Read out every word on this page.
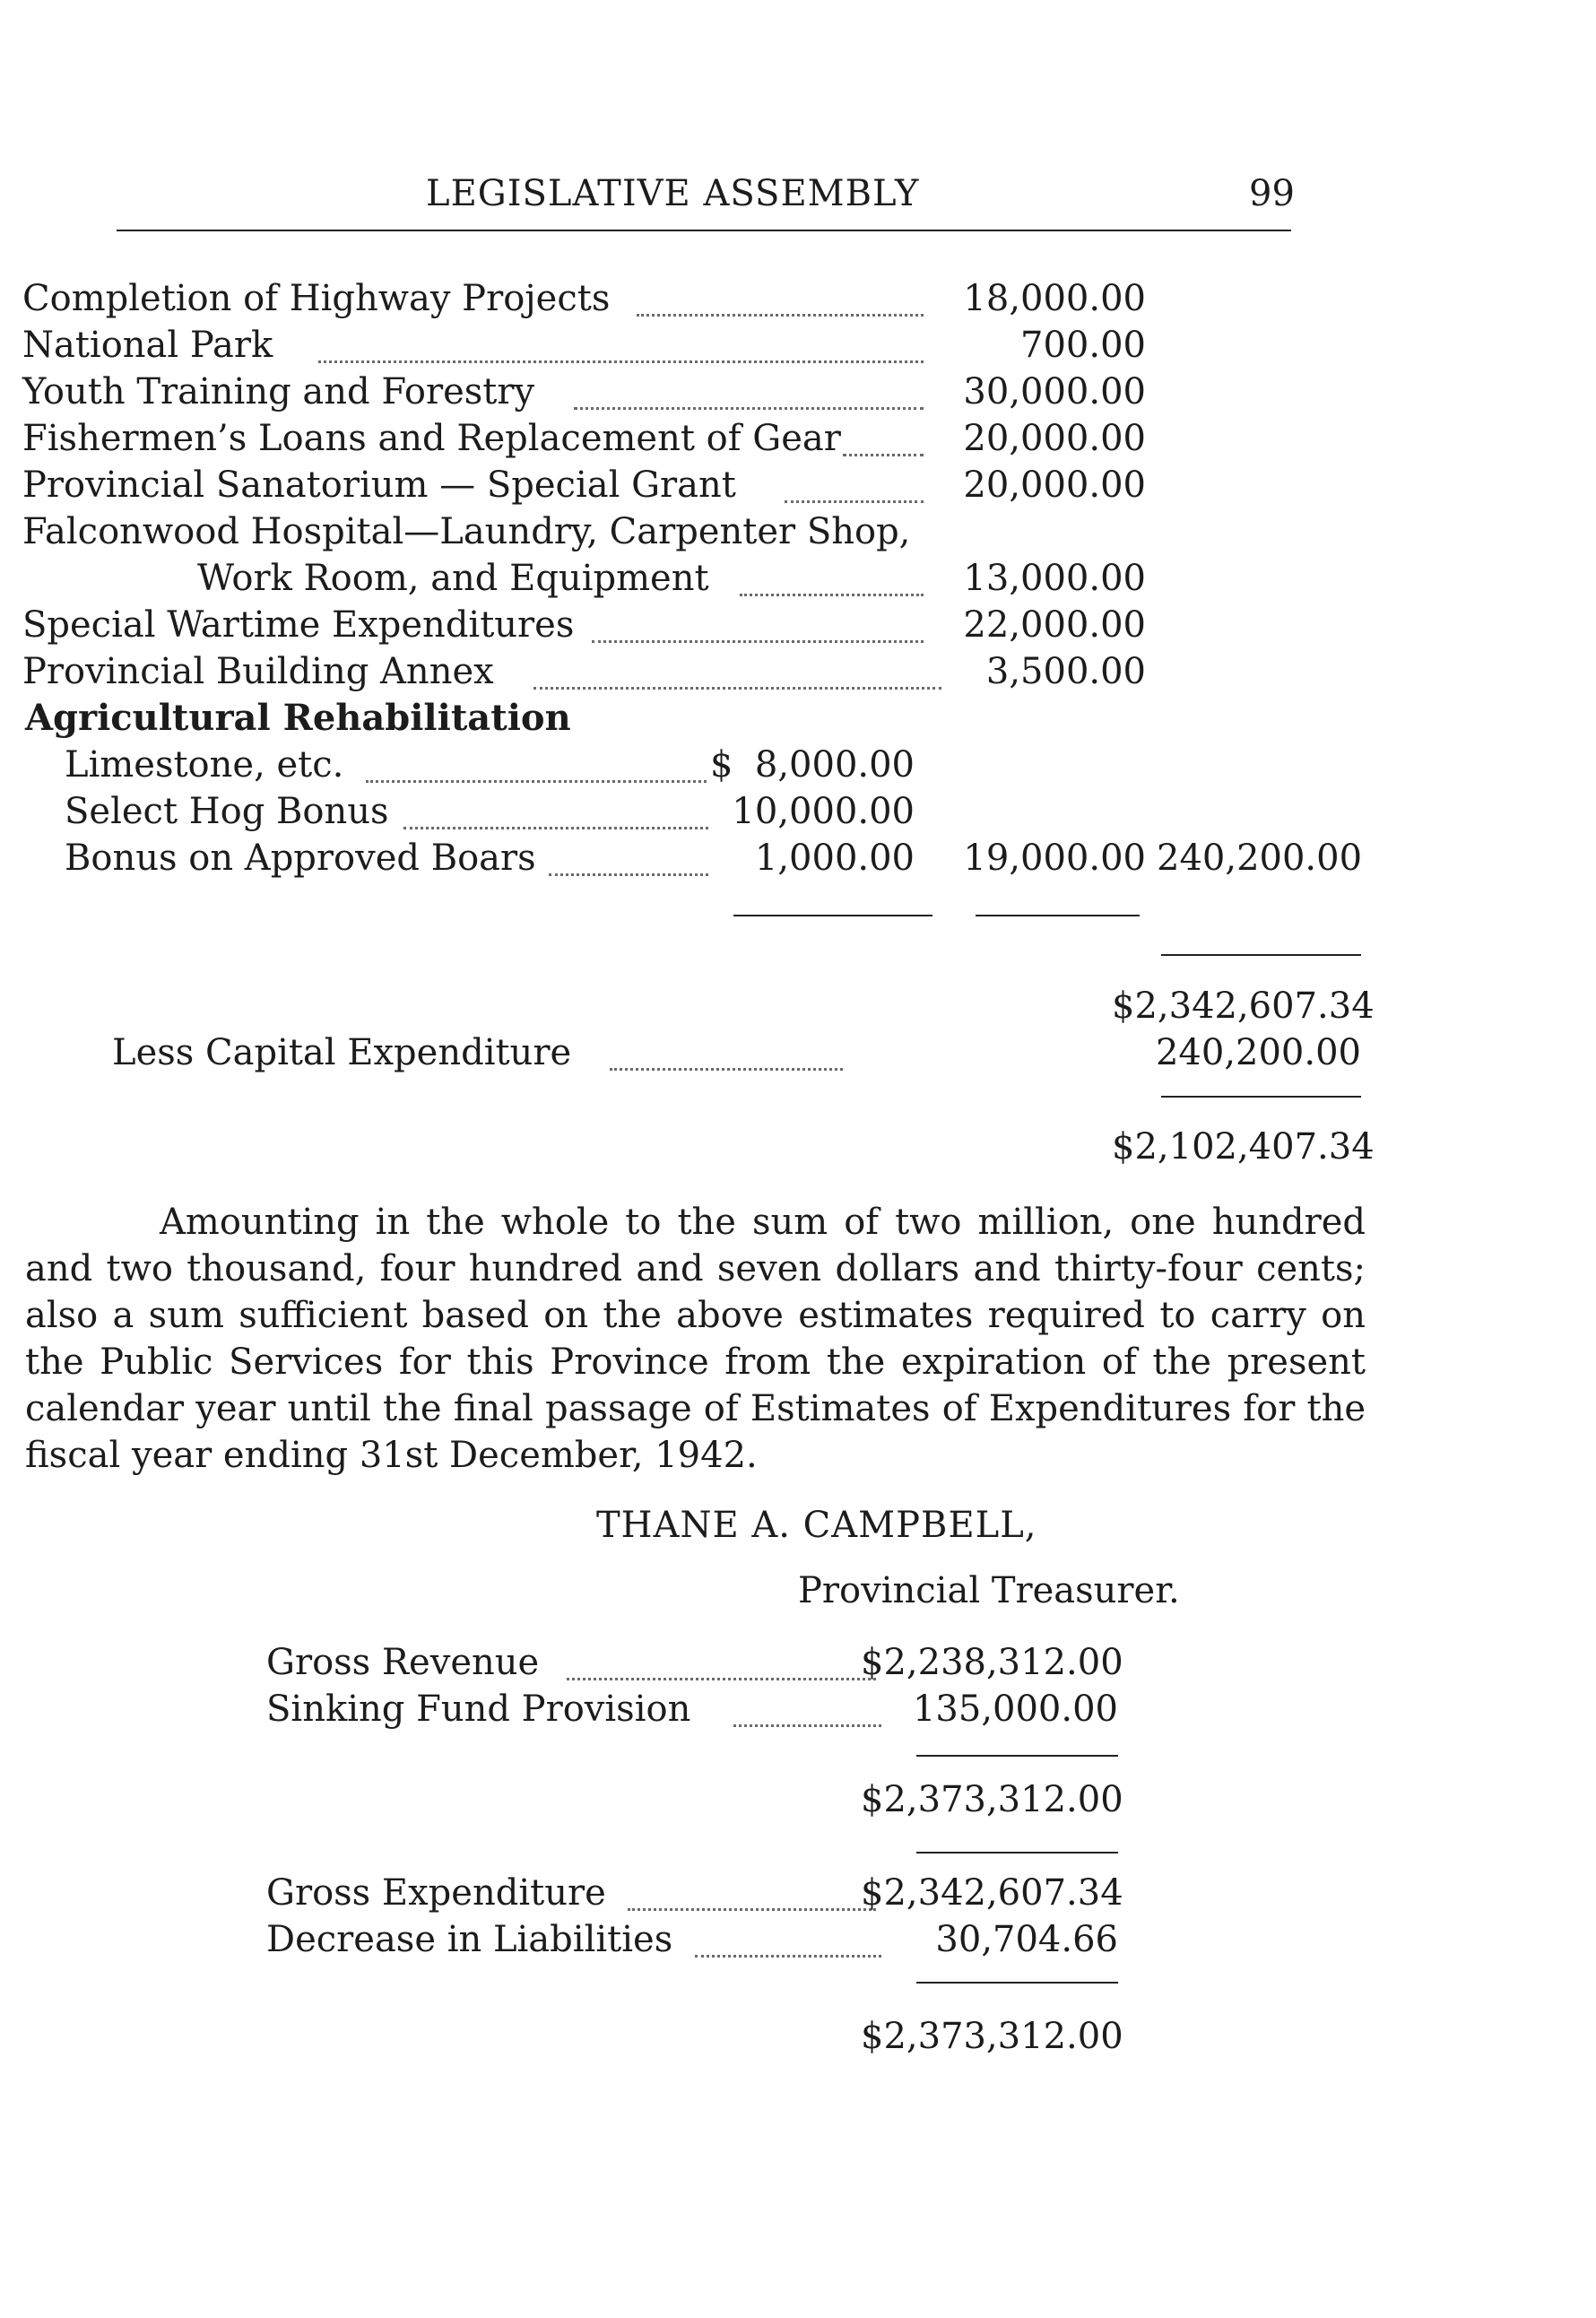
LEGISLATIVE ASSEMBLY	99
Completion of Highway Projects	18,000.00
National Park	700.00
Youth Training and Forestry	30,000.00
Fishermen’s Loans and Replacement of Gear	20,000.00
Provincial Sanatorium — Special Grant	20,000.00
Falconwood Hospital—Laundry, Carpenter Shop,
Work Room, and Equipment	13,000.00
Special Wartime Expenditures	22,000.00
Provincial Building Annex	3,500.00
Agricultural Rehabilitation
Limestone, etc.	$ 8,000.00
Select Hog Bonus	10,000.00
Bonus on Approved Boars	1,000.00	19,000.00 240,200.00
$2,342,607.34
Less Capital Expenditure	240,200.00
$2,102,407.34
Amounting in the whole to the sum of two million, one hundred and two thousand, four hundred and seven dollars and thirty-four cents; also a sum sufficient based on the above estimates required to carry on the Public Services for this Province from the expiration of the present calendar year until the final passage of Estimates of Expenditures for the fiscal year ending 31st December, 1942.
THANE A. CAMPBELL,
Provincial Treasurer.
Gross Revenue	$2,238,312.00
Sinking Fund Provision	135,000.00
$2,373,312.00
Gross Expenditure	$2,342,607.34
Decrease in Liabilities	30,704.66
$2,373,312.00
